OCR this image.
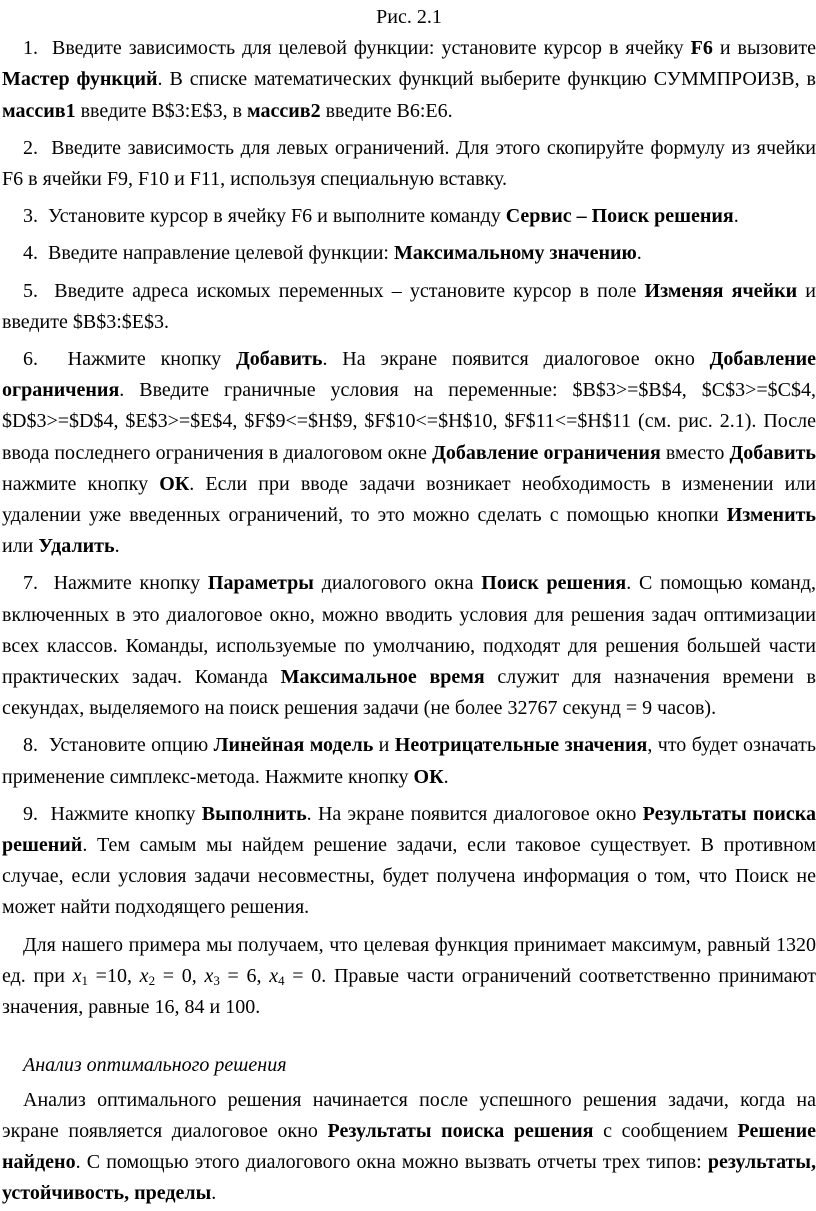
Рис. 2.1

1.  Введите зависимость для целевой функции: установите курсор в ячейку F6 и вызовите Мастер функций. В списке математических функций выберите функцию СУММПРОИЗВ, в массив1 введите В$3:Е$3, в массив2 введите В6:Е6.

2.  Введите зависимость для левых ограничений. Для этого скопируйте формулу из ячейки F6 в ячейки F9, F10 и F11, используя специальную вставку.

3.  Установите курсор в ячейку F6 и выполните команду Сервис – Поиск решения.

4.  Введите направление целевой функции: Максимальному значению.

5.  Введите адреса искомых переменных – установите курсор в поле Изменяя ячейки и введите $B$3:$E$3.

6.  Нажмите кнопку Добавить. На экране появится диалоговое окно Добавление ограничения. Введите граничные условия на переменные: $B$3>=$B$4, $C$3>=$C$4, $D$3>=$D$4, $E$3>=$E$4, $F$9<=$H$9, $F$10<=$H$10, $F$11<=$H$11 (см. рис. 2.1). После ввода последнего ограничения в диалоговом окне Добавление ограничения вместо Добавить нажмите кнопку ОК. Если при вводе задачи возникает необходимость в изменении или удалении уже введенных ограничений, то это можно сделать с помощью кнопки Изменить или Удалить.

7.  Нажмите кнопку Параметры диалогового окна Поиск решения. С помощью команд, включенных в это диалоговое окно, можно вводить условия для решения задач оптимизации всех классов. Команды, используемые по умолчанию, подходят для решения большей части практических задач. Команда Максимальное время служит для назначения времени в секундах, выделяемого на поиск решения задачи (не более 32767 секунд = 9 часов).

8.  Установите опцию Линейная модель и Неотрицательные значения, что будет означать применение симплекс-метода. Нажмите кнопку ОК.

9.  Нажмите кнопку Выполнить. На экране появится диалоговое окно Результаты поиска решений. Тем самым мы найдем решение задачи, если таковое существует. В противном случае, если условия задачи несовместны, будет получена информация о том, что Поиск не может найти подходящего решения.

Для нашего примера мы получаем, что целевая функция принимает максимум, равный 1320 ед. при $x_1 =10$, $x_2 = 0$, $x_3 = 6$, $x_4 = 0$. Правые части ограничений соответственно принимают значения, равные 16, 84 и 100.

Анализ оптимального решения

Анализ оптимального решения начинается после успешного решения задачи, когда на экране появляется диалоговое окно Результаты поиска решения с сообщением Решение найдено. С помощью этого диалогового окна можно вызвать отчеты трех типов: результаты, устойчивость, пределы.
